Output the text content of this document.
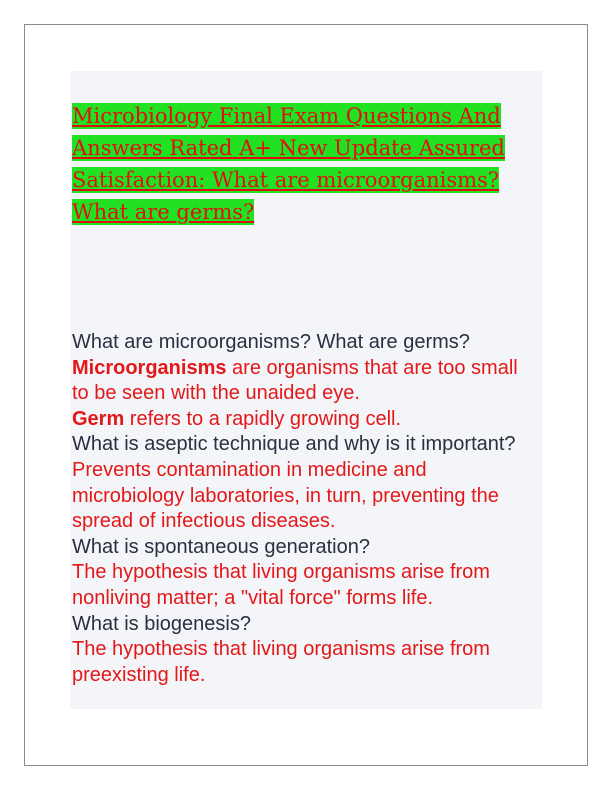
Microbiology Final Exam Questions And Answers Rated A+ New Update Assured Satisfaction: What are microorganisms? What are germs?

What are microorganisms? What are germs?

Microorganisms are organisms that are too small to be seen with the unaided eye.

Germ refers to a rapidly growing cell.

What is aseptic technique and why is it important?

Prevents contamination in medicine and microbiology laboratories, in turn, preventing the spread of infectious diseases.

What is spontaneous generation?

The hypothesis that living organisms arise from nonliving matter; a "vital force" forms life.

What is biogenesis?

The hypothesis that living organisms arise from preexisting life.
